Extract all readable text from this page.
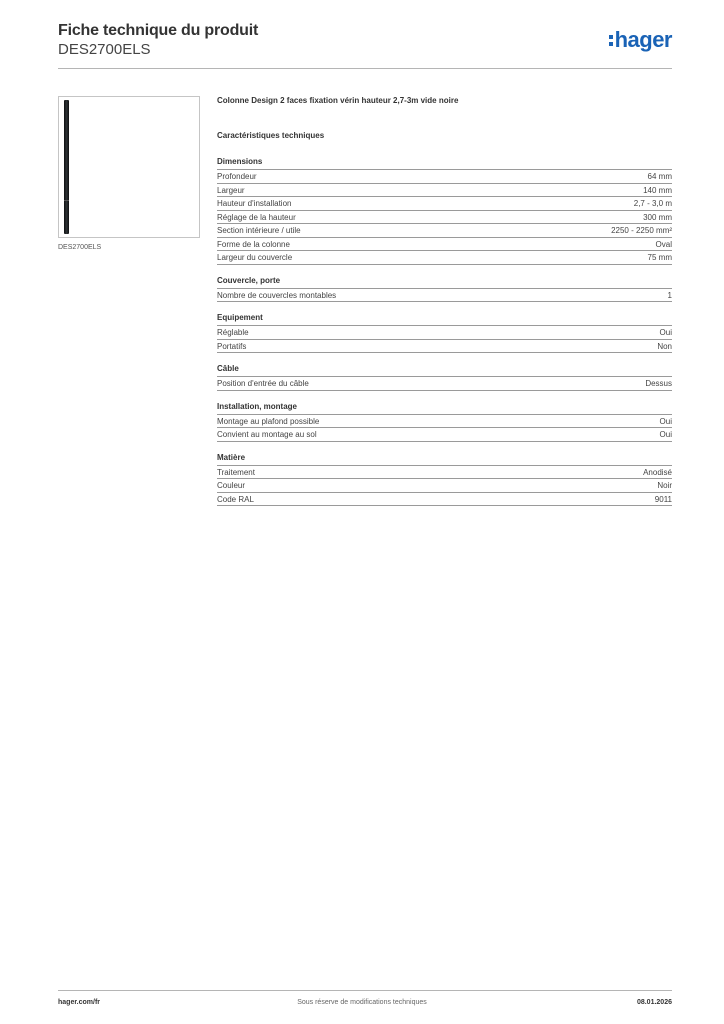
Fiche technique du produit
DES2700ELS	hager
DES2700ELS
Colonne Design 2 faces fixation vérin hauteur 2,7-3m vide noire
Caractéristiques techniques
Dimensions
Profondeur	64 mm
Largeur	140 mm
Hauteur d'installation	2,7 - 3,0 m
Réglage de la hauteur	300 mm
Section intérieure / utile	2250 - 2250 mm²
Forme de la colonne	Oval
Largeur du couvercle	75 mm
Couvercle, porte
Nombre de couvercles montables	1
Equipement
Réglable	Oui
Portatifs	Non
Câble
Position d'entrée du câble	Dessus
Installation, montage
Montage au plafond possible	Oui
Convient au montage au sol	Oui
Matière
Traitement	Anodisé
Couleur	Noir
Code RAL	9011
hager.com/fr	Sous réserve de modifications techniques	08.01.2026
